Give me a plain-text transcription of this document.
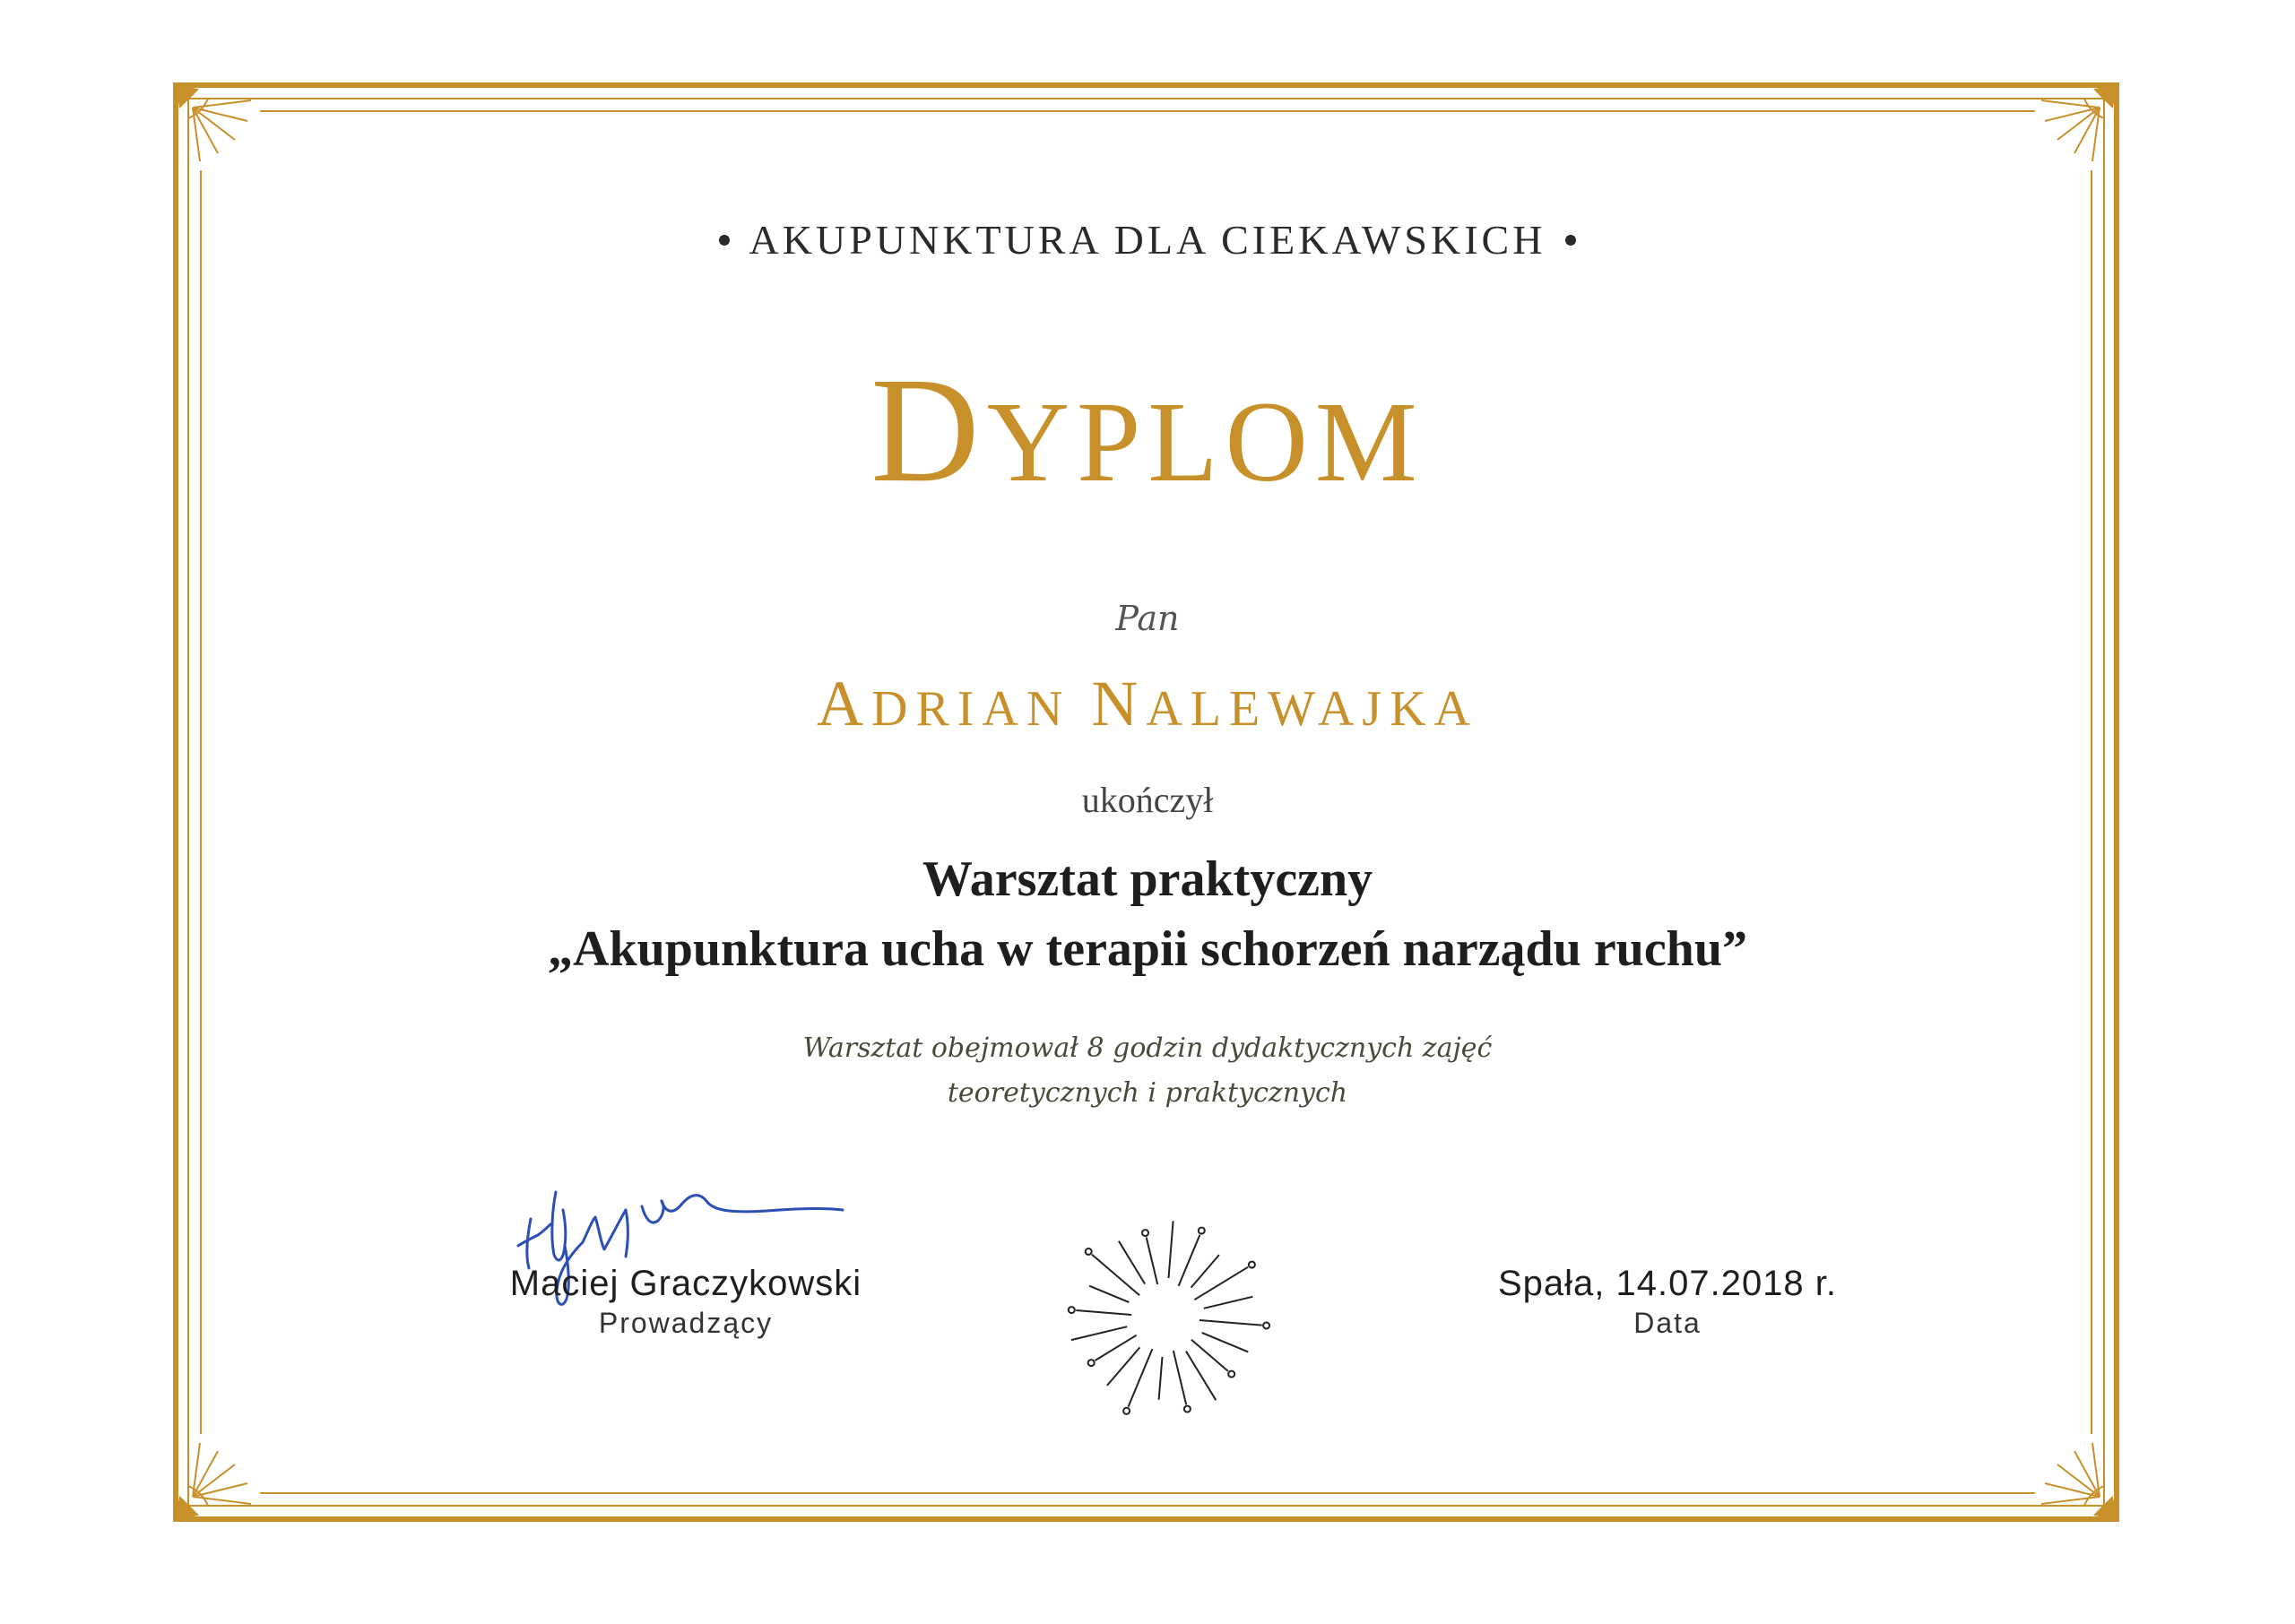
AKUPUNKTURA DLA CIEKAWSKICH
DYPLOM
Pan
ADRIAN NALEWAJKA
ukończył
Warsztat praktyczny
„Akupunktura ucha w terapii schorzeń narządu ruchu”
Warsztat obejmował 8 godzin dydaktycznych zajęć
teoretycznych i praktycznych
Maciej Graczykowski
Prowadzący
Spała, 14.07.2018 r.
Data
